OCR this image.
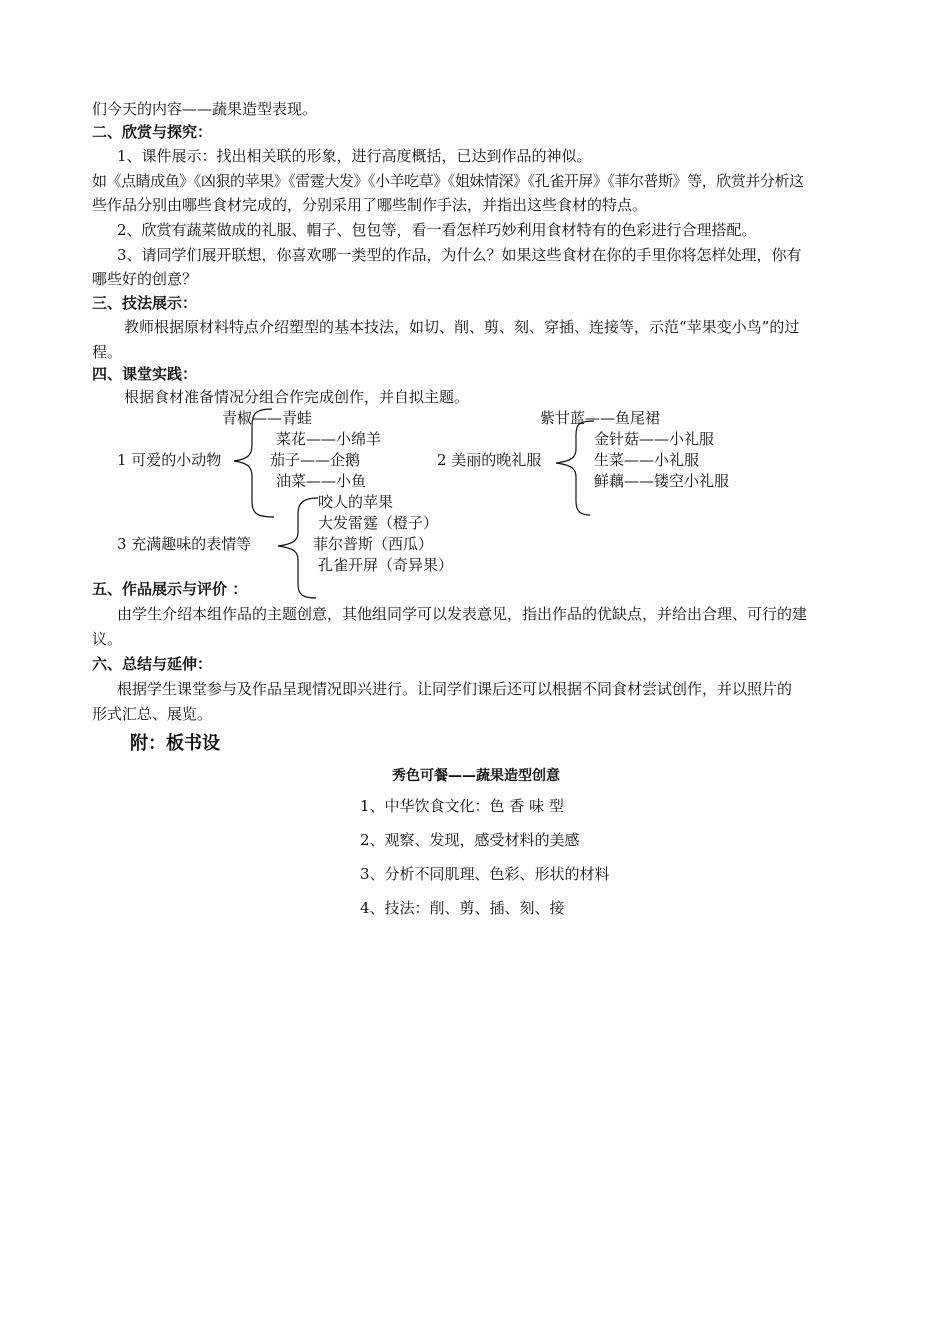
们今天的内容——蔬果造型表现。
二、欣赏与探究：
1、课件展示：找出相关联的形象，进行高度概括，已达到作品的神似。
如《点睛成鱼》《凶狠的苹果》《雷霆大发》《小羊吃草》《姐妹情深》《孔雀开屏》《菲尔普斯》等，欣赏并分析这
些作品分别由哪些食材完成的，分别采用了哪些制作手法，并指出这些食材的特点。
2、欣赏有蔬菜做成的礼服、帽子、包包等，看一看怎样巧妙利用食材特有的色彩进行合理搭配。
3、请同学们展开联想，你喜欢哪一类型的作品，为什么？如果这些食材在你的手里你将怎样处理，你有
哪些好的创意？
三、技法展示：
教师根据原材料特点介绍塑型的基本技法，如切、削、剪、刻、穿插、连接等，示范“苹果变小鸟”的过
程。
四、课堂实践：
根据食材准备情况分组合作完成创作，并自拟主题。
1 可爱的小动物
青椒——青蛙
菜花——小绵羊
茄子——企鹅
油菜——小鱼
2 美丽的晚礼服
紫甘蓝——鱼尾裙
金针菇——小礼服
生菜——小礼服
鲜藕——镂空小礼服
3 充满趣味的表情等
咬人的苹果
大发雷霆（橙子）
菲尔普斯（西瓜）
孔雀开屏（奇异果）
五、作品展示与评价 ：
由学生介绍本组作品的主题创意，其他组同学可以发表意见，指出作品的优缺点，并给出合理、可行的建
议。
六、总结与延伸：
根据学生课堂参与及作品呈现情况即兴进行。让同学们课后还可以根据不同食材尝试创作，并以照片的
形式汇总、展览。
附：板书设
秀色可餐——蔬果造型创意
1、中华饮食文化：色 香 味 型
2、观察、发现，感受材料的美感
3、分析不同肌理、色彩、形状的材料
4、技法：削、剪、插、刻、接
